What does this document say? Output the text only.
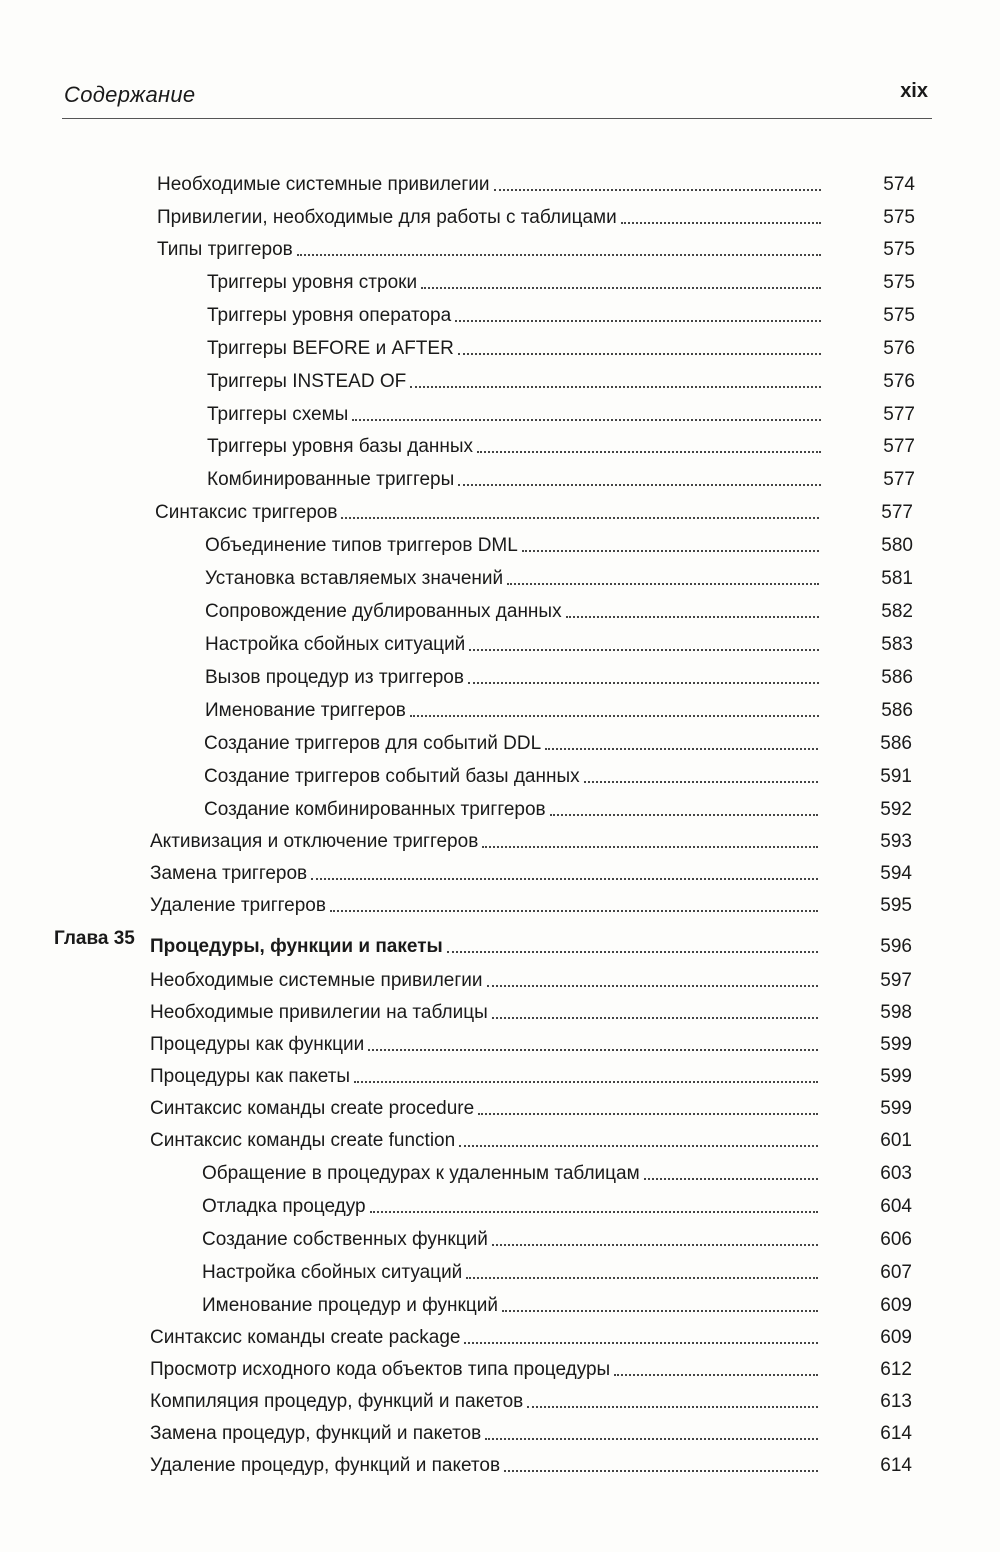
Содержание	xix
Необходимые системные привилегии	574
Привилегии, необходимые для работы с таблицами	575
Типы триггеров	575
Триггеры уровня строки	575
Триггеры уровня оператора	575
Триггеры BEFORE и AFTER	576
Триггеры INSTEAD OF	576
Триггеры схемы	577
Триггеры уровня базы данных	577
Комбинированные триггеры	577
Синтаксис триггеров	577
Объединение типов триггеров DML	580
Установка вставляемых значений	581
Сопровождение дублированных данных	582
Настройка сбойных ситуаций	583
Вызов процедур из триггеров	586
Именование триггеров	586
Создание триггеров для событий DDL	586
Создание триггеров событий базы данных	591
Создание комбинированных триггеров	592
Активизация и отключение триггеров	593
Замена триггеров	594
Удаление триггеров	595
Глава 35 Процедуры, функции и пакеты	596
Необходимые системные привилегии	597
Необходимые привилегии на таблицы	598
Процедуры как функции	599
Процедуры как пакеты	599
Синтаксис команды create procedure	599
Синтаксис команды create function	601
Обращение в процедурах к удаленным таблицам	603
Отладка процедур	604
Создание собственных функций	606
Настройка сбойных ситуаций	607
Именование процедур и функций	609
Синтаксис команды create package	609
Просмотр исходного кода объектов типа процедуры	612
Компиляция процедур, функций и пакетов	613
Замена процедур, функций и пакетов	614
Удаление процедур, функций и пакетов	614
